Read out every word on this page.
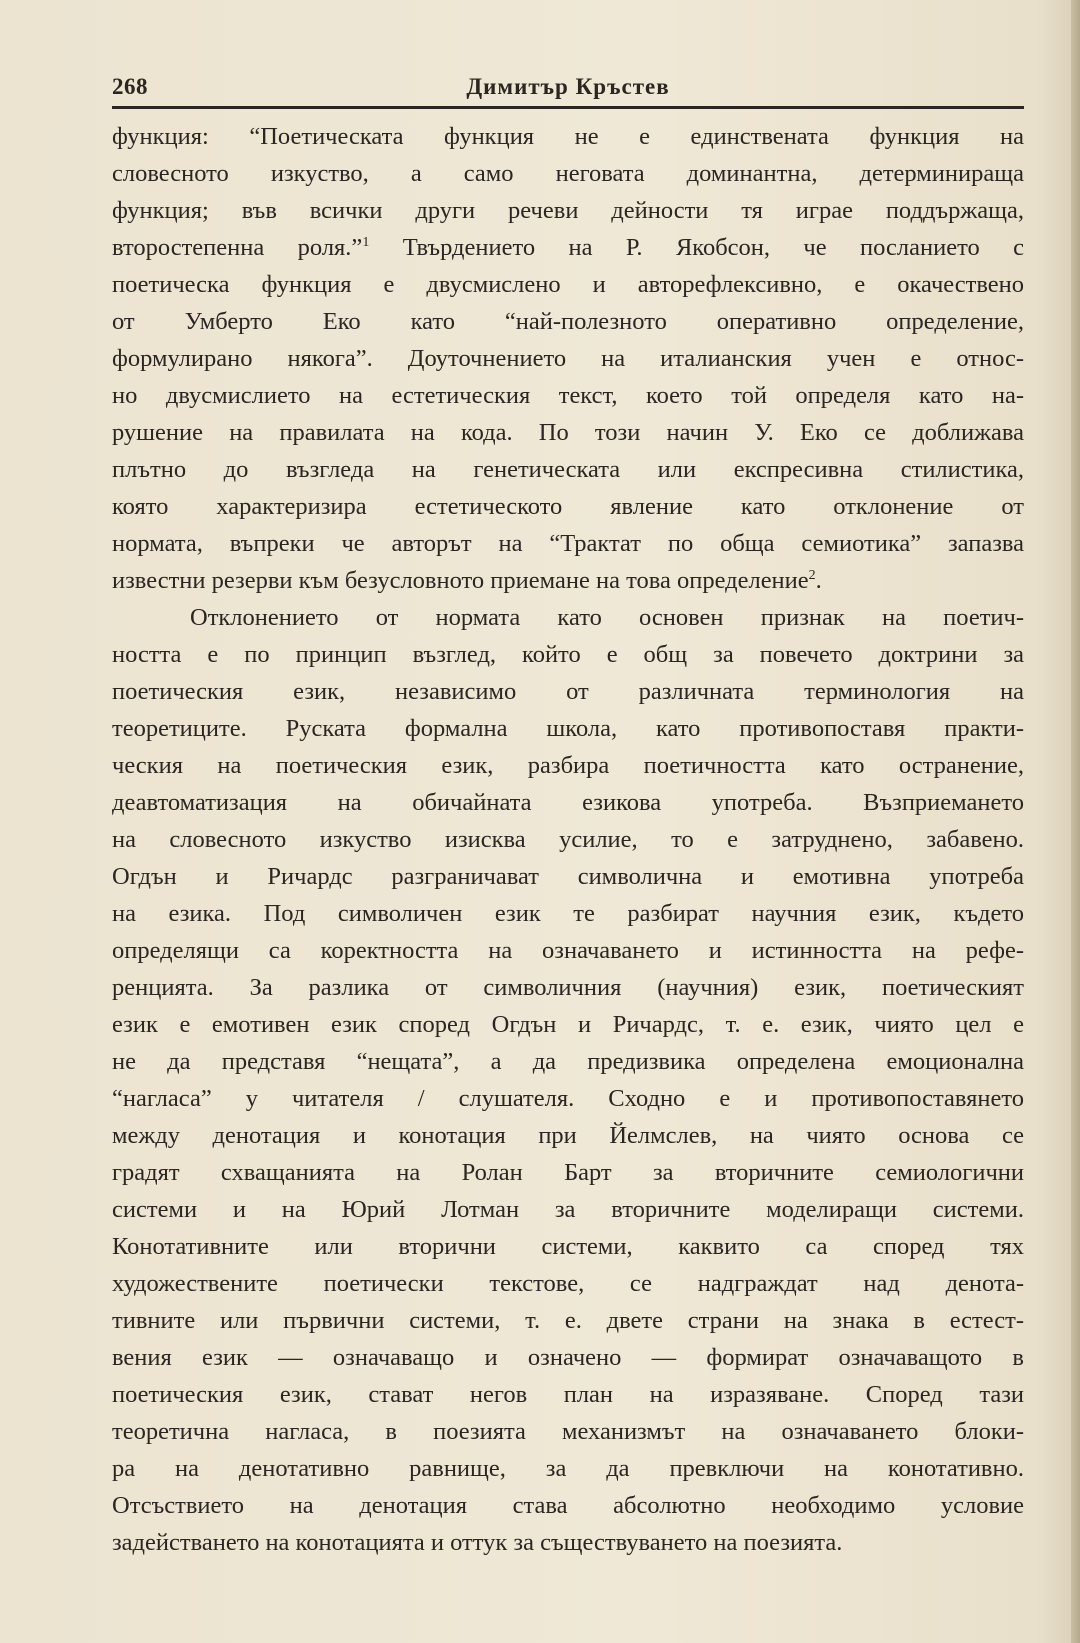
268	Димитър Кръстев
функция: “Поетическата функция не е единствената функция на
словесното изкуство, а само неговата доминантна, детерминираща
функция; във всички други речеви дейности тя играе поддържаща,
второстепенна роля.”$^1$ Твърдението на Р. Якобсон, че посланието с
поетическа функция е двусмислено и авторефлексивно, е окачествено
от Умберто Еко като “най-полезното оперативно определение,
формулирано някога”. Доуточнението на италианския учен е относ-
но двусмислието на естетическия текст, което той определя като на-
рушение на правилата на кода. По този начин У. Еко се доближава
плътно до възгледа на генетическата или експресивна стилистика,
която характеризира естетическото явление като отклонение от
нормата, въпреки че авторът на “Трактат по обща семиотика” запазва
известни резерви към безусловното приемане на това определение$^2$.
Отклонението от нормата като основен признак на поетич-
ността е по принцип възглед, който е общ за повечето доктрини за
поетическия език, независимо от различната терминология на
теоретиците. Руската формална школа, като противопоставя практи-
ческия на поетическия език, разбира поетичността като остранение,
деавтоматизация на обичайната езикова употреба. Възприемането
на словесното изкуство изисква усилие, то е затруднено, забавено.
Огдън и Ричардс разграничават символична и емотивна употреба
на езика. Под символичен език те разбират научния език, където
определящи са коректността на означаването и истинността на рефе-
ренцията. За разлика от символичния (научния) език, поетическият
език е емотивен език според Огдън и Ричардс, т. е. език, чиято цел е
не да представя “нещата”, а да предизвика определена емоционална
“нагласа” у читателя / слушателя. Сходно е и противопоставянето
между денотация и конотация при Йелмслев, на чиято основа се
градят схващанията на Ролан Барт за вторичните семиологични
системи и на Юрий Лотман за вторичните моделиращи системи.
Конотативните или вторични системи, каквито са според тях
художествените поетически текстове, се надграждат над денота-
тивните или първични системи, т. е. двете страни на знака в естест-
вения език — означаващо и означено — формират означаващото в
поетическия език, стават негов план на изразяване. Според тази
теоретична нагласа, в поезията механизмът на означаването блоки-
ра на денотативно равнище, за да превключи на конотативно.
Отсъствието на денотация става абсолютно необходимо условие
задействането на конотацията и оттук за съществуването на поезията.
